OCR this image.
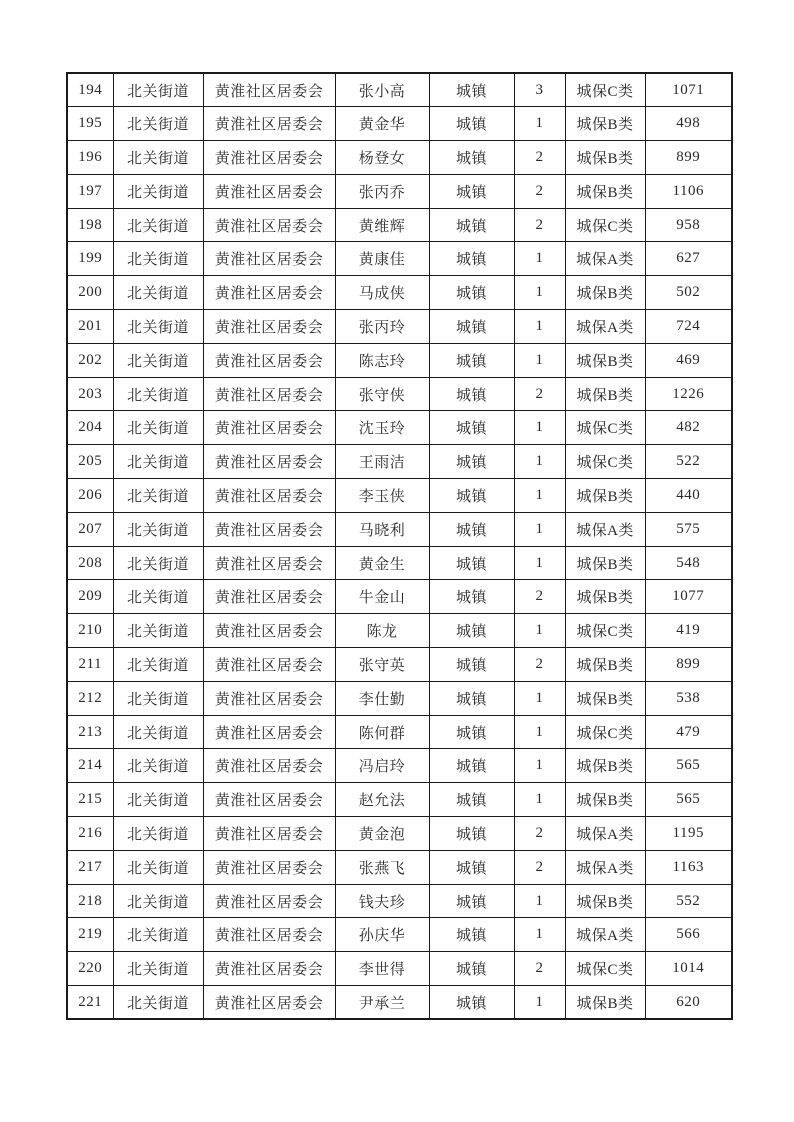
194	北关街道	黄淮社区居委会	张小高	城镇	3	城保C类	1071
195	北关街道	黄淮社区居委会	黄金华	城镇	1	城保B类	498
196	北关街道	黄淮社区居委会	杨登女	城镇	2	城保B类	899
197	北关街道	黄淮社区居委会	张丙乔	城镇	2	城保B类	1106
198	北关街道	黄淮社区居委会	黄维辉	城镇	2	城保C类	958
199	北关街道	黄淮社区居委会	黄康佳	城镇	1	城保A类	627
200	北关街道	黄淮社区居委会	马成侠	城镇	1	城保B类	502
201	北关街道	黄淮社区居委会	张丙玲	城镇	1	城保A类	724
202	北关街道	黄淮社区居委会	陈志玲	城镇	1	城保B类	469
203	北关街道	黄淮社区居委会	张守侠	城镇	2	城保B类	1226
204	北关街道	黄淮社区居委会	沈玉玲	城镇	1	城保C类	482
205	北关街道	黄淮社区居委会	王雨洁	城镇	1	城保C类	522
206	北关街道	黄淮社区居委会	李玉侠	城镇	1	城保B类	440
207	北关街道	黄淮社区居委会	马晓利	城镇	1	城保A类	575
208	北关街道	黄淮社区居委会	黄金生	城镇	1	城保B类	548
209	北关街道	黄淮社区居委会	牛金山	城镇	2	城保B类	1077
210	北关街道	黄淮社区居委会	陈龙	城镇	1	城保C类	419
211	北关街道	黄淮社区居委会	张守英	城镇	2	城保B类	899
212	北关街道	黄淮社区居委会	李仕勤	城镇	1	城保B类	538
213	北关街道	黄淮社区居委会	陈何群	城镇	1	城保C类	479
214	北关街道	黄淮社区居委会	冯启玲	城镇	1	城保B类	565
215	北关街道	黄淮社区居委会	赵允法	城镇	1	城保B类	565
216	北关街道	黄淮社区居委会	黄金泡	城镇	2	城保A类	1195
217	北关街道	黄淮社区居委会	张燕飞	城镇	2	城保A类	1163
218	北关街道	黄淮社区居委会	钱夫珍	城镇	1	城保B类	552
219	北关街道	黄淮社区居委会	孙庆华	城镇	1	城保A类	566
220	北关街道	黄淮社区居委会	李世得	城镇	2	城保C类	1014
221	北关街道	黄淮社区居委会	尹承兰	城镇	1	城保B类	620
